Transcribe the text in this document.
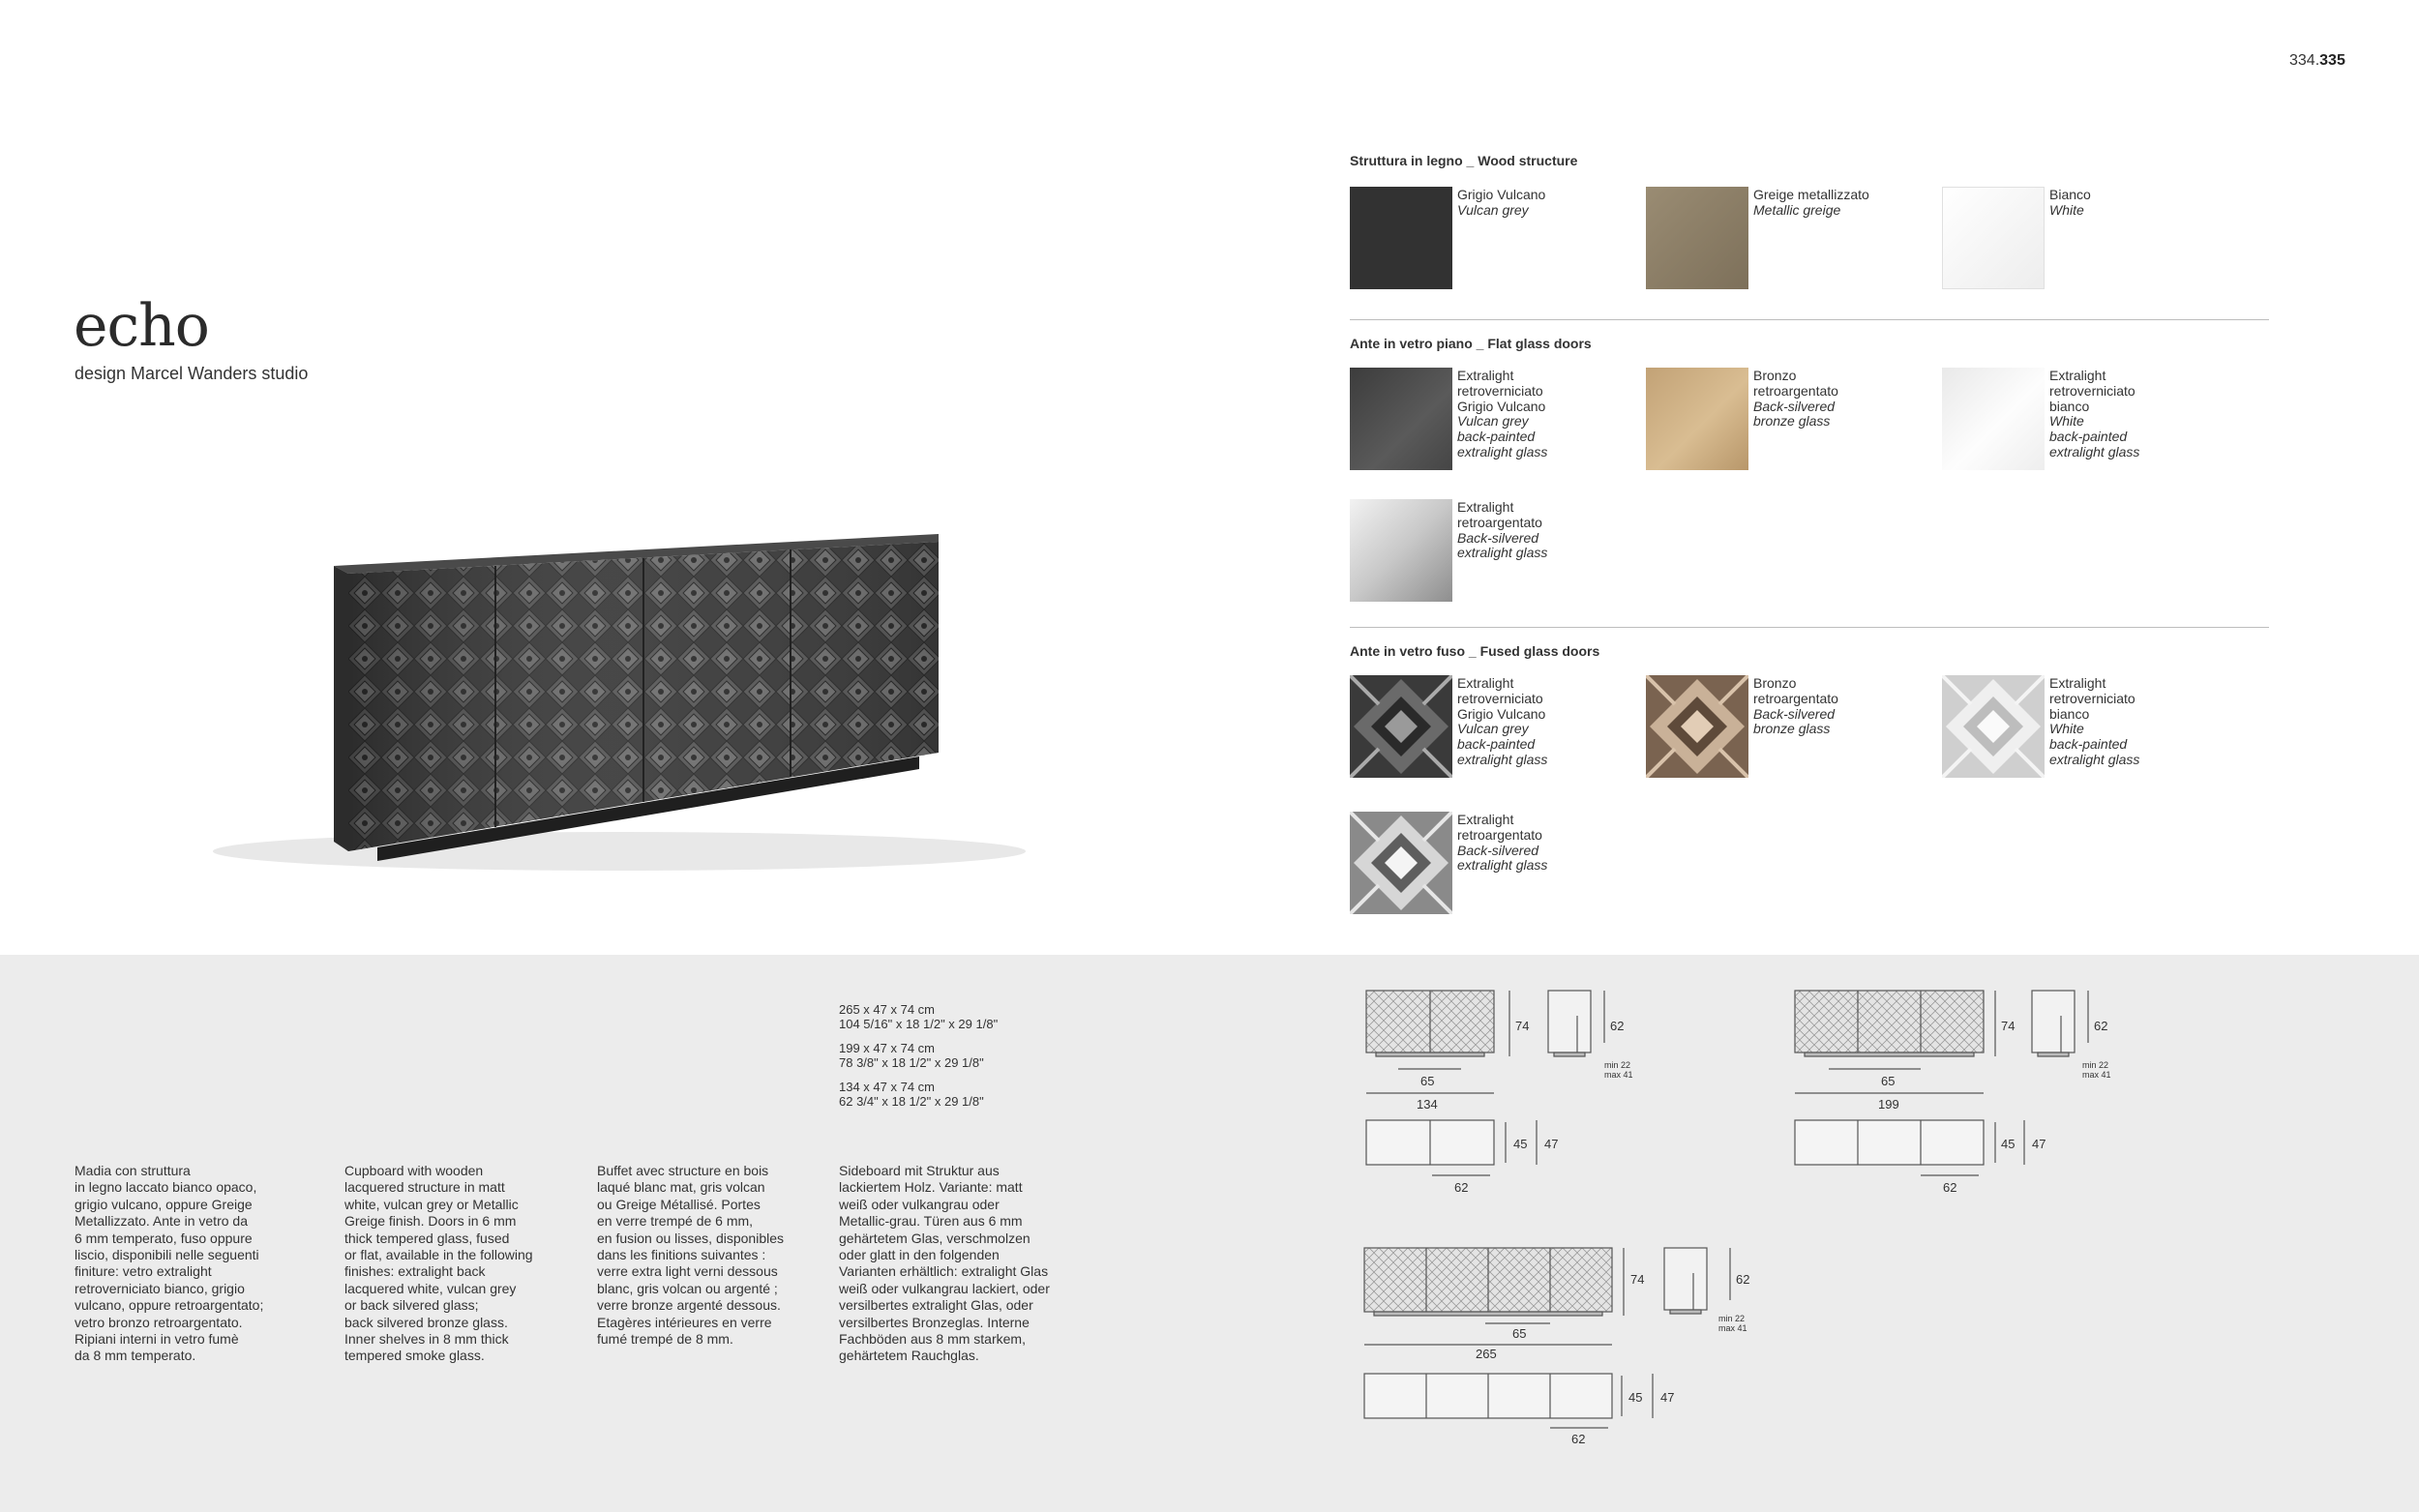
334.335
echo
design Marcel Wanders studio
Struttura in legno _ Wood structure
Grigio Vulcano
Vulcan grey
Greige metallizzato
Metallic greige
Bianco
White
Ante in vetro piano _ Flat glass doors
Extralight
retroverniciato
Grigio Vulcano
Vulcan grey
back-painted
extralight glass
Bronzo
retroargentato
Back-silvered
bronze glass
Extralight
retroverniciato
bianco
White
back-painted
extralight glass
Extralight
retroargentato
Back-silvered
extralight glass
Ante in vetro fuso _ Fused glass doors
Extralight
retroverniciato
Grigio Vulcano
Vulcan grey
back-painted
extralight glass
Bronzo
retroargentato
Back-silvered
bronze glass
Extralight
retroverniciato
bianco
White
back-painted
extralight glass
Extralight
retroargentato
Back-silvered
extralight glass
265 x 47 x 74 cm
104 5/16" x 18 1/2" x 29 1/8"
199 x 47 x 74 cm
78 3/8" x 18 1/2" x 29 1/8"
134 x 47 x 74 cm
62 3/4" x 18 1/2" x 29 1/8"
Madia con struttura
in legno laccato bianco opaco,
grigio vulcano, oppure Greige
Metallizzato. Ante in vetro da
6 mm temperato, fuso oppure
liscio, disponibili nelle seguenti
finiture: vetro extralight
retroverniciato bianco, grigio
vulcano, oppure retroargentato;
vetro bronzo retroargentato.
Ripiani interni in vetro fumè
da 8 mm temperato.
Cupboard with wooden
lacquered structure in matt
white, vulcan grey or Metallic
Greige finish. Doors in 6 mm
thick tempered glass, fused
or flat, available in the following
finishes: extralight back
lacquered white, vulcan grey
or back silvered glass;
back silvered bronze glass.
Inner shelves in 8 mm thick
tempered smoke glass.
Buffet avec structure en bois
laqué blanc mat, gris volcan
ou Greige Métallisé. Portes
en verre trempé de 6 mm,
en fusion ou lisses, disponibles
dans les finitions suivantes :
verre extra light verni dessous
blanc, gris volcan ou argenté ;
verre bronze argenté dessous.
Etagères intérieures en verre
fumé trempé de 8 mm.
Sideboard mit Struktur aus
lackiertem Holz. Variante: matt
weiß oder vulkangrau oder
Metallic-grau. Türen aus 6 mm
gehärtetem Glas, verschmolzen
oder glatt in den folgenden
Varianten erhältlich: extralight Glas
weiß oder vulkangrau lackiert, oder
versilbertes extralight Glas, oder
versilbertes Bronzeglas. Interne
Fachböden aus 8 mm starkem,
gehärtetem Rauchglas.
74
65
134
62
min 22
max 41
45 47
62
74
65
199
62
min 22
max 41
45 47
62
74
65
265
62
min 22
max 41
45 47
62
